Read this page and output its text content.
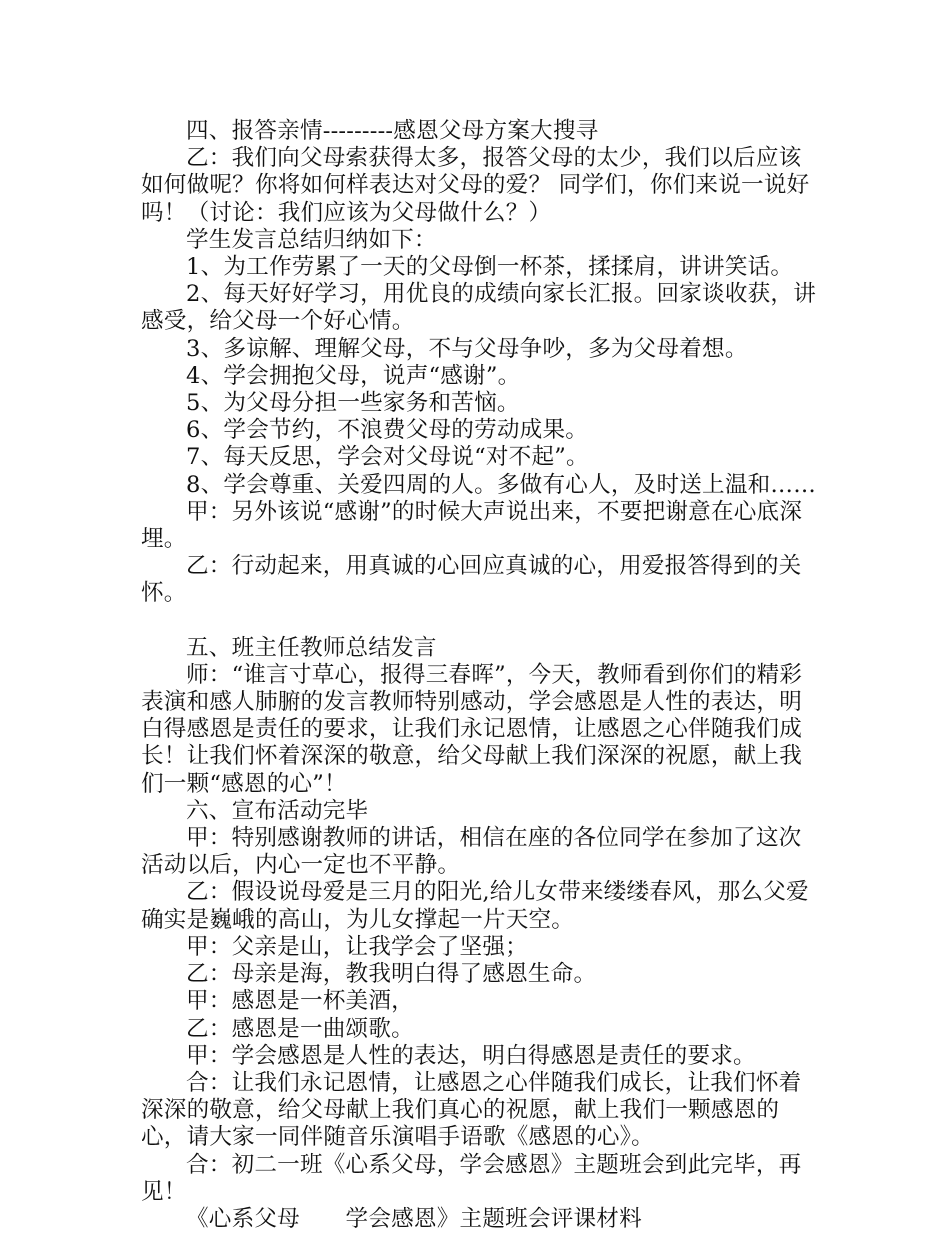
四、报答亲情---------感恩父母方案大搜寻

乙：我们向父母索获得太多，报答父母的太少，我们以后应该如何做呢？你将如何样表达对父母的爱？ 同学们，你们来说一说好吗！（讨论：我们应该为父母做什么？）

学生发言总结归纳如下：

1、为工作劳累了一天的父母倒一杯茶，揉揉肩，讲讲笑话。

2、每天好好学习，用优良的成绩向家长汇报。回家谈收获，讲感受，给父母一个好心情。

3、多谅解、理解父母，不与父母争吵，多为父母着想。

4、学会拥抱父母，说声“感谢”。

5、为父母分担一些家务和苦恼。

6、学会节约，不浪费父母的劳动成果。

7、每天反思，学会对父母说“对不起”。

8、学会尊重、关爱四周的人。多做有心人，及时送上温和……

甲：另外该说“感谢”的时候大声说出来，不要把谢意在心底深埋。

乙：行动起来，用真诚的心回应真诚的心，用爱报答得到的关怀。

五、班主任教师总结发言

师：“谁言寸草心，报得三春晖”，今天，教师看到你们的精彩表演和感人肺腑的发言教师特别感动，学会感恩是人性的表达，明白得感恩是责任的要求，让我们永记恩情，让感恩之心伴随我们成长！让我们怀着深深的敬意，给父母献上我们深深的祝愿，献上我们一颗“感恩的心”！

六、宣布活动完毕

甲：特别感谢教师的讲话，相信在座的各位同学在参加了这次活动以后，内心一定也不平静。

乙：假设说母爱是三月的阳光,给儿女带来缕缕春风，那么父爱确实是巍峨的高山，为儿女撑起一片天空。

甲：父亲是山，让我学会了坚强；

乙：母亲是海，教我明白得了感恩生命。

甲：感恩是一杯美酒，

乙：感恩是一曲颂歌。

甲：学会感恩是人性的表达，明白得感恩是责任的要求。

合：让我们永记恩情，让感恩之心伴随我们成长，让我们怀着深深的敬意，给父母献上我们真心的祝愿，献上我们一颗感恩的心，请大家一同伴随音乐演唱手语歌《感恩的心》。

合：初二一班《心系父母，学会感恩》主题班会到此完毕，再见！

《心系父母　　学会感恩》主题班会评课材料
